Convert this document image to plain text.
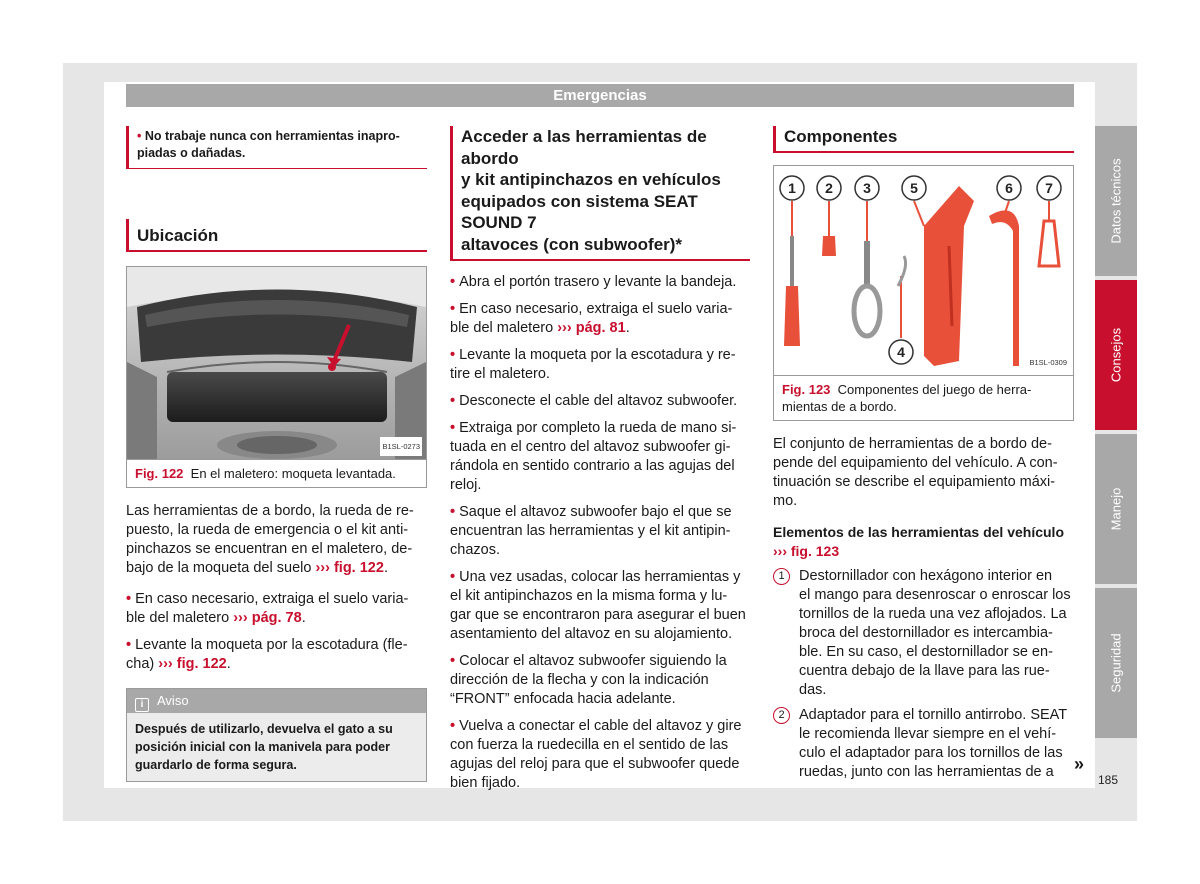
Emergencias
• No trabaje nunca con herramientas inapro-
piadas o dañadas.
Ubicación
B1SL-0273
Fig. 122 En el maletero: moqueta levantada.
Las herramientas de a bordo, la rueda de re-
puesto, la rueda de emergencia o el kit anti-
pinchazos se encuentran en el maletero, de-
bajo de la moqueta del suelo ››› fig. 122.
• En caso necesario, extraiga el suelo varia-
ble del maletero ››› pág. 78.
• Levante la moqueta por la escotadura (fle-
cha) ››› fig. 122.
i Aviso
Después de utilizarlo, devuelva el gato a su
posición inicial con la manivela para poder
guardarlo de forma segura.
Acceder a las herramientas de abordo
y kit antipinchazos en vehículos
equipados con sistema SEAT SOUND 7
altavoces (con subwoofer)*
• Abra el portón trasero y levante la bandeja.
• En caso necesario, extraiga el suelo varia-
ble del maletero ››› pág. 81.
• Levante la moqueta por la escotadura y re-
tire el maletero.
• Desconecte el cable del altavoz subwoofer.
• Extraiga por completo la rueda de mano si-
tuada en el centro del altavoz subwoofer gi-
rándola en sentido contrario a las agujas del
reloj.
• Saque el altavoz subwoofer bajo el que se
encuentran las herramientas y el kit antipin-
chazos.
• Una vez usadas, colocar las herramientas y
el kit antipinchazos en la misma forma y lu-
gar que se encontraron para asegurar el buen
asentamiento del altavoz en su alojamiento.
• Colocar el altavoz subwoofer siguiendo la
dirección de la flecha y con la indicación
“FRONT” enfocada hacia adelante.
• Vuelva a conectar el cable del altavoz y gire
con fuerza la ruedecilla en el sentido de las
agujas del reloj para que el subwoofer quede
bien fijado.
Componentes
1 2 3
4
5	6 7
B1SL-0309
Fig. 123 Componentes del juego de herra-
mientas de a bordo.
El conjunto de herramientas de a bordo de-
pende del equipamiento del vehículo. A con-
tinuación se describe el equipamiento máxi-
mo.
Elementos de las herramientas del vehículo
››› fig. 123
1 Destornillador con hexágono interior en
el mango para desenroscar o enroscar los
tornillos de la rueda una vez aflojados. La
broca del destornillador es intercambia-
ble. En su caso, el destornillador se en-
cuentra debajo de la llave para las rue-
das.
2 Adaptador para el tornillo antirrobo. SEAT
le recomienda llevar siempre en el vehí-
culo el adaptador para los tornillos de las
ruedas, junto con las herramientas de a
Datos técnicos
Consejos
Manejo
Seguridad
»
185
